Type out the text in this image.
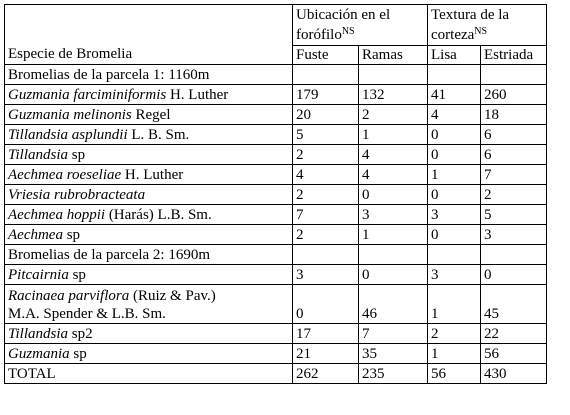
Especie de Bromelia	Ubicación en el forófilo$^{NS}$		Textura de la corteza$^{NS}$
	Fuste	Ramas	Lisa	Estriada
Bromelias de la parcela 1: 1160m				
Guzmania farciminiformis H. Luther	179	132	41	260
Guzmania melinonis Regel	20	2	4	18
Tillandsia asplundii L. B. Sm.	5	1	0	6
Tillandsia sp	2	4	0	6
Aechmea roeseliae H. Luther	4	4	1	7
Vriesia rubrobracteata	2	0	0	2
Aechmea hoppii (Harás) L.B. Sm.	7	3	3	5
Aechmea sp	2	1	0	3
Bromelias de la parcela 2: 1690m				
Pitcairnia sp	3	0	3	0

Racinaea parviflora (Ruiz & Pav.)
M.A. Spender & L.B. Sm.	0	46	1	45
Tillandsia sp2	17	7	2	22
Guzmania sp	21	35	1	56
TOTAL	262	235	56	430
